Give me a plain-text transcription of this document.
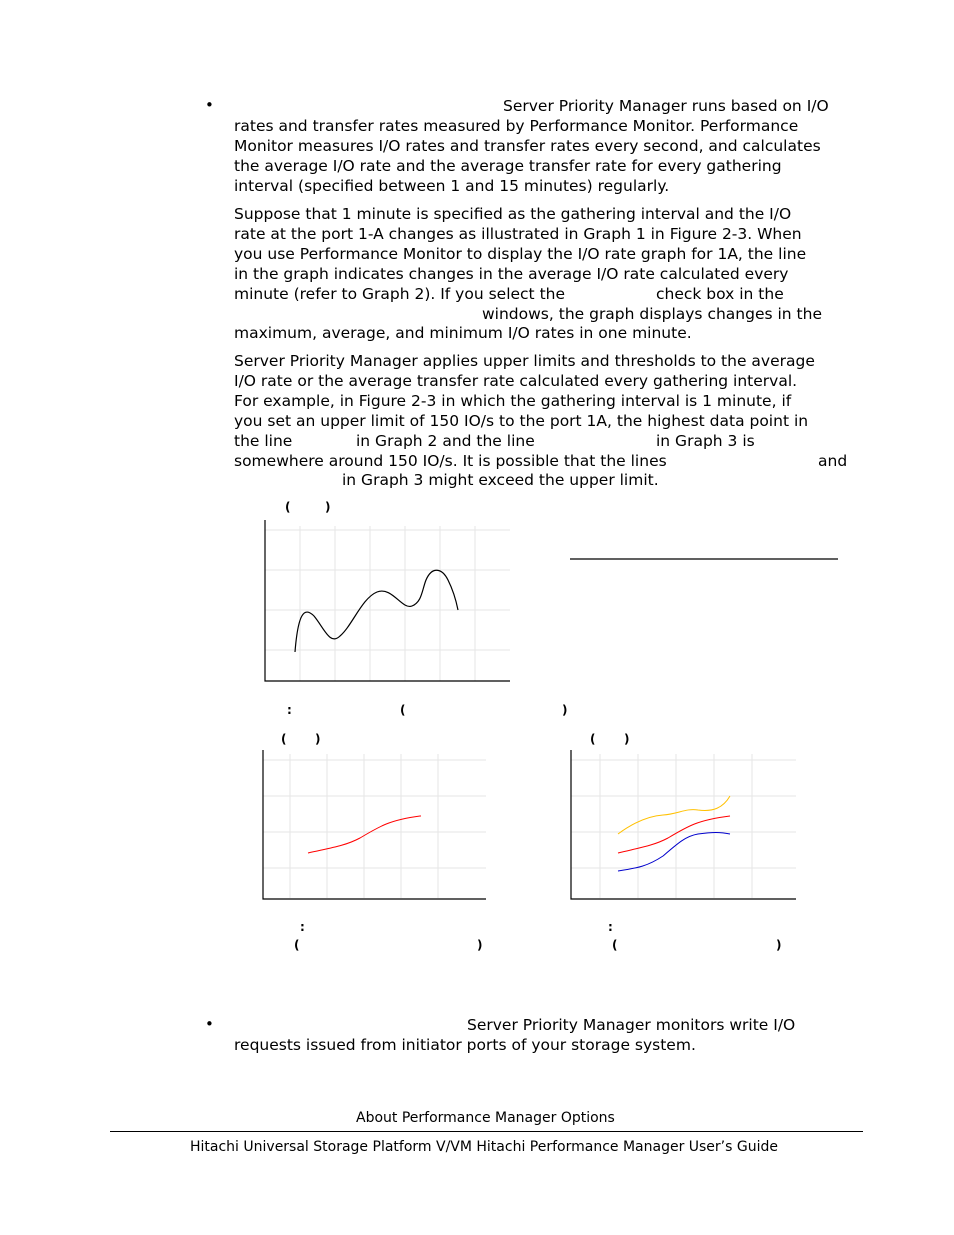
•	Server Priority Manager runs based on I/O
rates and transfer rates measured by Performance Monitor. Performance
Monitor measures I/O rates and transfer rates every second, and calculates
the average I/O rate and the average transfer rate for every gathering
interval (specified between 1 and 15 minutes) regularly.
Suppose that 1 minute is specified as the gathering interval and the I/O
rate at the port 1-A changes as illustrated in Graph 1 in Figure 2-3. When
you use Performance Monitor to display the I/O rate graph for 1A, the line
in the graph indicates changes in the average I/O rate calculated every
minute (refer to Graph 2). If you select the	check box in the
windows, the graph displays changes in the
maximum, average, and minimum I/O rates in one minute.
Server Priority Manager applies upper limits and thresholds to the average
I/O rate or the average transfer rate calculated every gathering interval.
For example, in Figure 2-3 in which the gathering interval is 1 minute, if
you set an upper limit of 150 IO/s to the port 1A, the highest data point in
the line	in Graph 2 and the line	in Graph 3 is
somewhere around 150 IO/s. It is possible that the lines	and
in Graph 3 might exceed the upper limit.
(	)
:	(	)
( )	( )
:
(	)
:
(	)
•	Server Priority Manager monitors write I/O
requests issued from initiator ports of your storage system.
About Performance Manager Options
Hitachi Universal Storage Platform V/VM Hitachi Performance Manager User’s Guide
